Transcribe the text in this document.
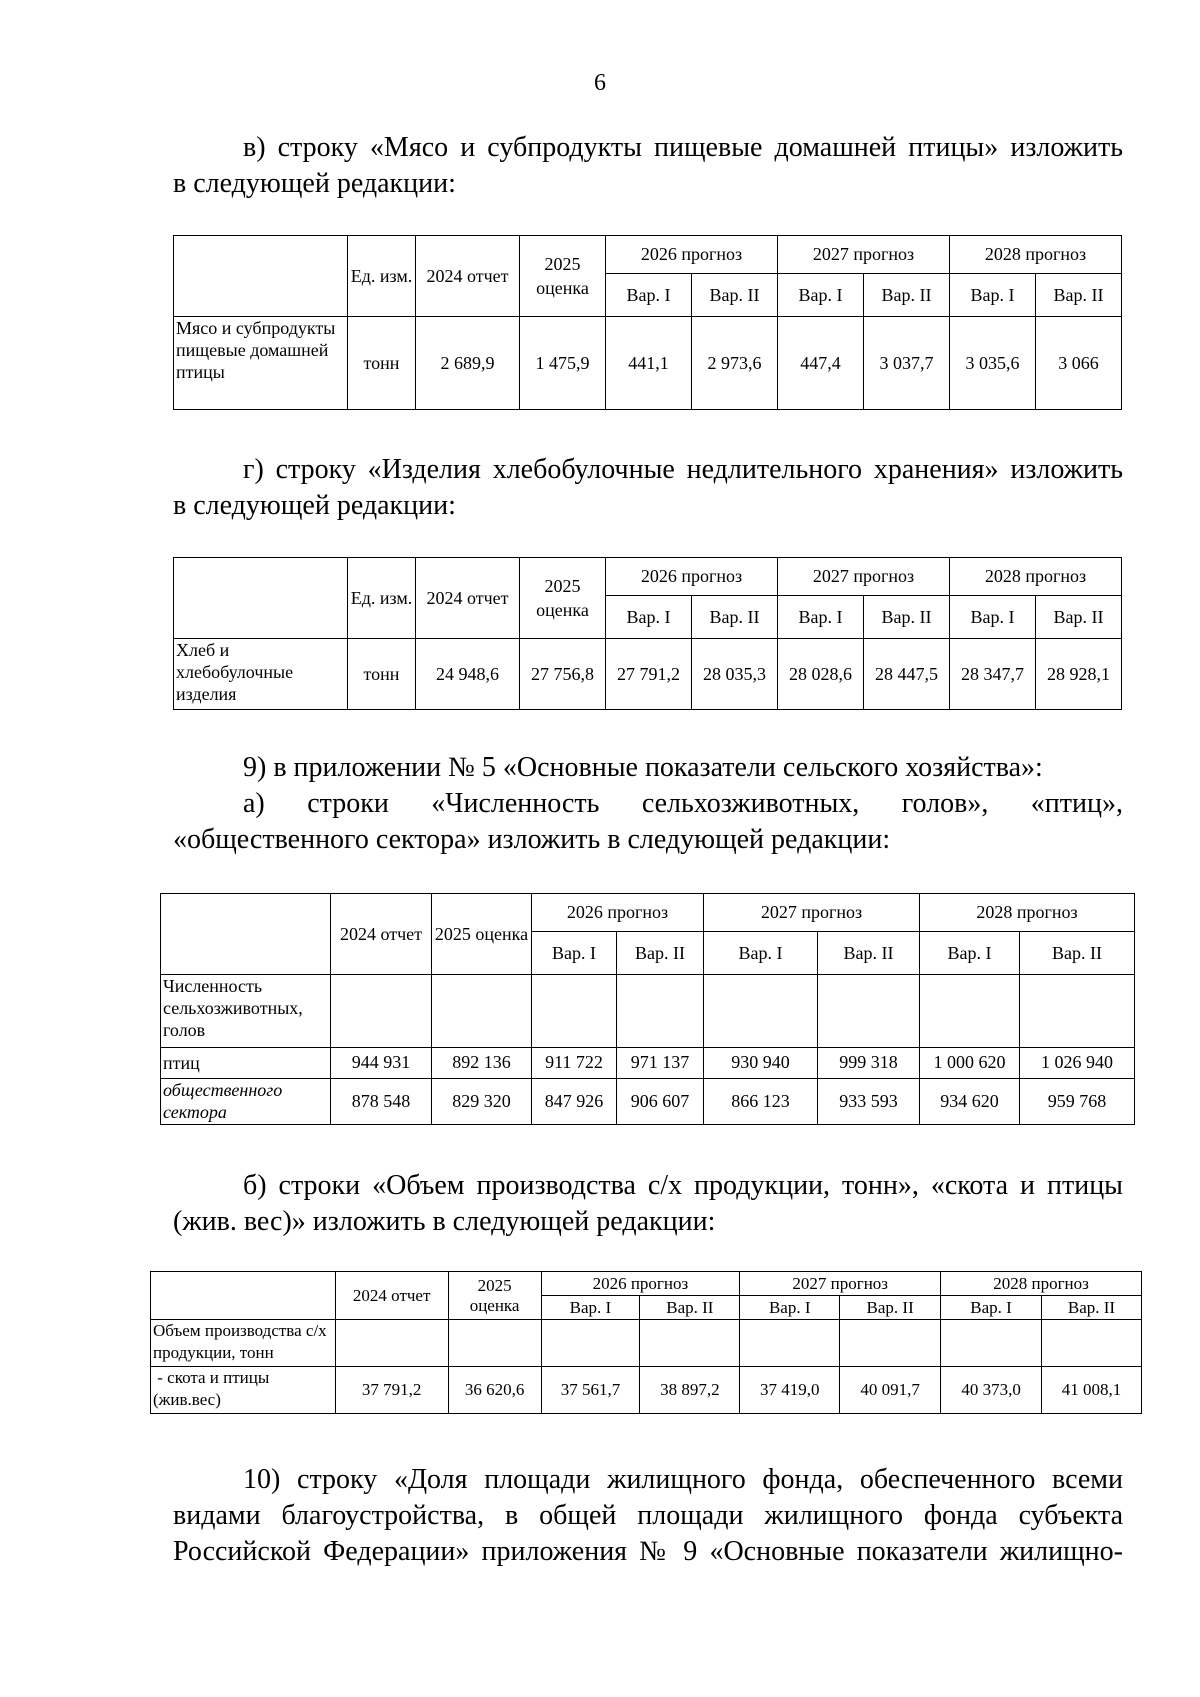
6
в) строку «Мясо и субпродукты пищевые домашней птицы» изложить
в следующей редакции:
	Ед. изм.	2024 отчет	2025 оценка	2026 прогноз		2027 прогноз		2028 прогноз	
				Вар. I	Вар. II	Вар. I	Вар. II	Вар. I	Вар. II
Мясо и субпродукты пищевые домашней птицы	тонн	2 689,9	1 475,9	441,1	2 973,6	447,4	3 037,7	3 035,6	3 066
г) строку «Изделия хлебобулочные недлительного хранения» изложить
в следующей редакции:
	Ед. изм.	2024 отчет	2025 оценка	2026 прогноз		2027 прогноз		2028 прогноз	
				Вар. I	Вар. II	Вар. I	Вар. II	Вар. I	Вар. II
Хлеб и хлебобулочные изделия	тонн	24 948,6	27 756,8	27 791,2	28 035,3	28 028,6	28 447,5	28 347,7	28 928,1
9) в приложении № 5 «Основные показатели сельского хозяйства»:
а) строки «Численность сельхозживотных, голов», «птиц»,
«общественного сектора» изложить в следующей редакции:
	2024 отчет	2025 оценка	2026 прогноз		2027 прогноз		2028 прогноз	
			Вар. I	Вар. II	Вар. I	Вар. II	Вар. I	Вар. II
Численность сельхозживотных, голов								
птиц	944 931	892 136	911 722	971 137	930 940	999 318	1 000 620	1 026 940
общественного сектора	878 548	829 320	847 926	906 607	866 123	933 593	934 620	959 768
б) строки «Объем производства с/х продукции, тонн», «скота и птицы
(жив. вес)» изложить в следующей редакции:
	2024 отчет	2025 оценка	2026 прогноз		2027 прогноз		2028 прогноз	
			Вар. I	Вар. II	Вар. I	Вар. II	Вар. I	Вар. II
Объем производства с/х продукции, тонн								
- скота и птицы (жив.вес)	37 791,2	36 620,6	37 561,7	38 897,2	37 419,0	40 091,7	40 373,0	41 008,1
10) строку «Доля площади жилищного фонда, обеспеченного всеми
видами благоустройства, в общей площади жилищного фонда субъекта
Российской Федерации» приложения № 9 «Основные показатели жилищно-
